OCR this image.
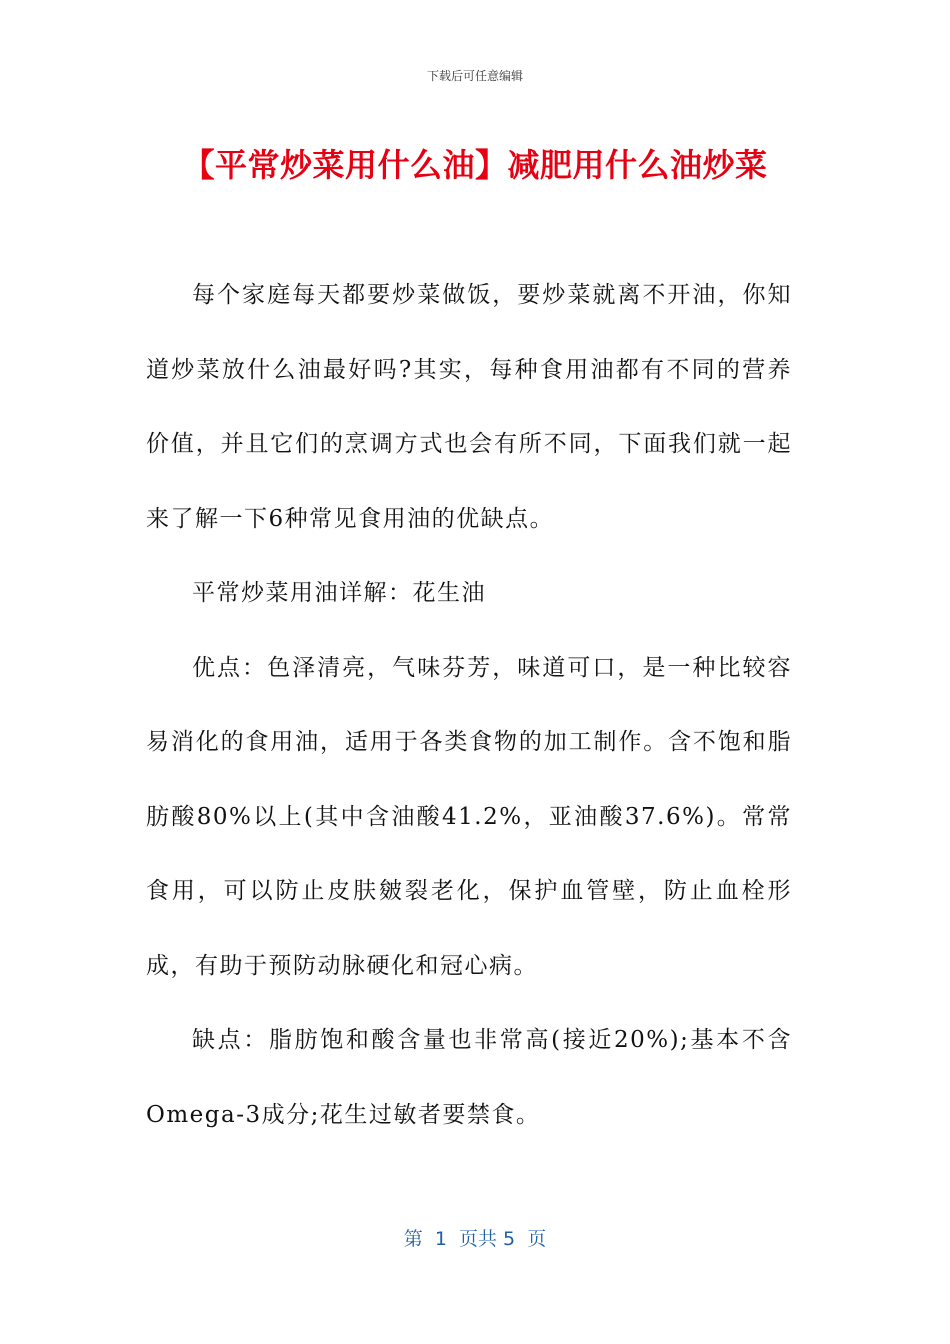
下载后可任意编辑
【平常炒菜用什么油】减肥用什么油炒菜

每个家庭每天都要炒菜做饭，要炒菜就离不开油，你知道炒菜放什么油最好吗?其实，每种食用油都有不同的营养价值，并且它们的烹调方式也会有所不同，下面我们就一起来了解一下6种常见食用油的优缺点。

平常炒菜用油详解：花生油

优点：色泽清亮，气味芬芳，味道可口，是一种比较容易消化的食用油，适用于各类食物的加工制作。含不饱和脂肪酸80%以上(其中含油酸41.2%，亚油酸37.6%)。常常食用，可以防止皮肤皴裂老化，保护血管壁，防止血栓形成，有助于预防动脉硬化和冠心病。

缺点：脂肪饱和酸含量也非常高(接近20%);基本不含Omega-3成分;花生过敏者要禁食。

第  1  页共 5  页
